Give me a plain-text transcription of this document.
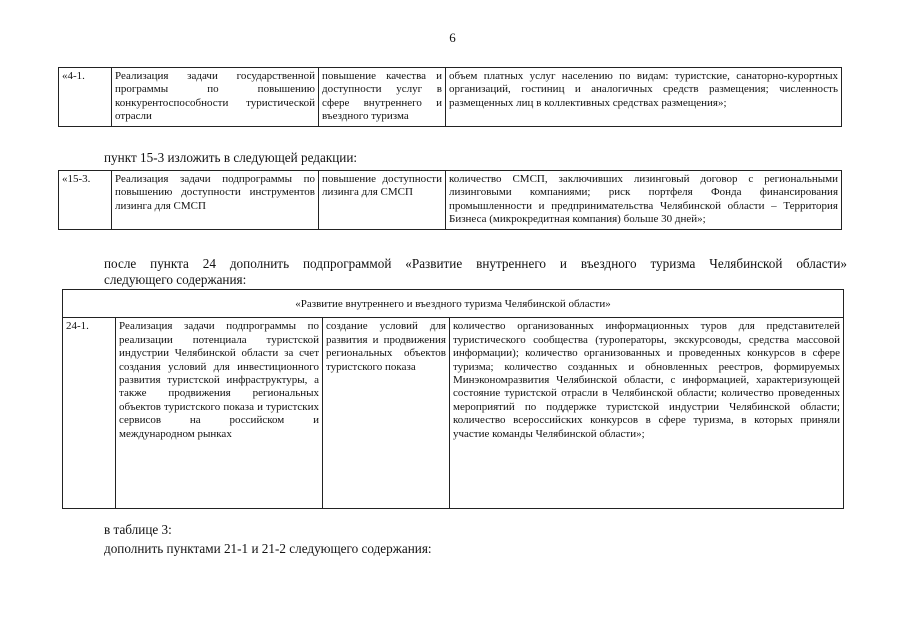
6
«4-1.	Реализация задачи государственной программы по повышению конкурентоспособности туристической отрасли	повышение качества и доступности услуг в сфере внутреннего и въездного туризма	объем платных услуг населению по видам: туристские, санаторно-курортных организаций, гостиниц и аналогичных средств размещения; численность размещенных лиц в коллективных средствах размещения»;

пункт 15-3 изложить в следующей редакции:

«15-3.	Реализация задачи подпрограммы по повышению доступности инструментов лизинга для СМСП	повышение доступности лизинга для СМСП	количество СМСП, заключивших лизинговый договор с региональными лизинговыми компаниями; риск портфеля Фонда финансирования промышленности и предпринимательства Челябинской области – Территория Бизнеса (микрокредитная компания) больше 30 дней»;

после пункта 24 дополнить подпрограммой «Развитие внутреннего и въездного туризма Челябинской области»
следующего содержания:

«Развитие внутреннего и въездного туризма Челябинской области»
24-1.	Реализация задачи подпрограммы по реализации потенциала туристской индустрии Челябинской области за счет создания условий для инвестиционного развития туристской инфраструктуры, а также продвижения региональных объектов туристского показа и туристских сервисов на российском и международном рынках	создание условий для развития и продвижения региональных объектов туристского показа	количество организованных информационных туров для представителей туристического сообщества (туроператоры, экскурсоводы, средства массовой информации); количество организованных и проведенных конкурсов в сфере туризма; количество созданных и обновленных реестров, формируемых Минэкономразвития Челябинской области, с информацией, характеризующей состояние туристской отрасли в Челябинской области; количество проведенных мероприятий по поддержке туристской индустрии Челябинской области; количество всероссийских конкурсов в сфере туризма, в которых приняли участие команды Челябинской области»;

в таблице 3:

дополнить пунктами 21-1 и 21-2 следующего содержания:
